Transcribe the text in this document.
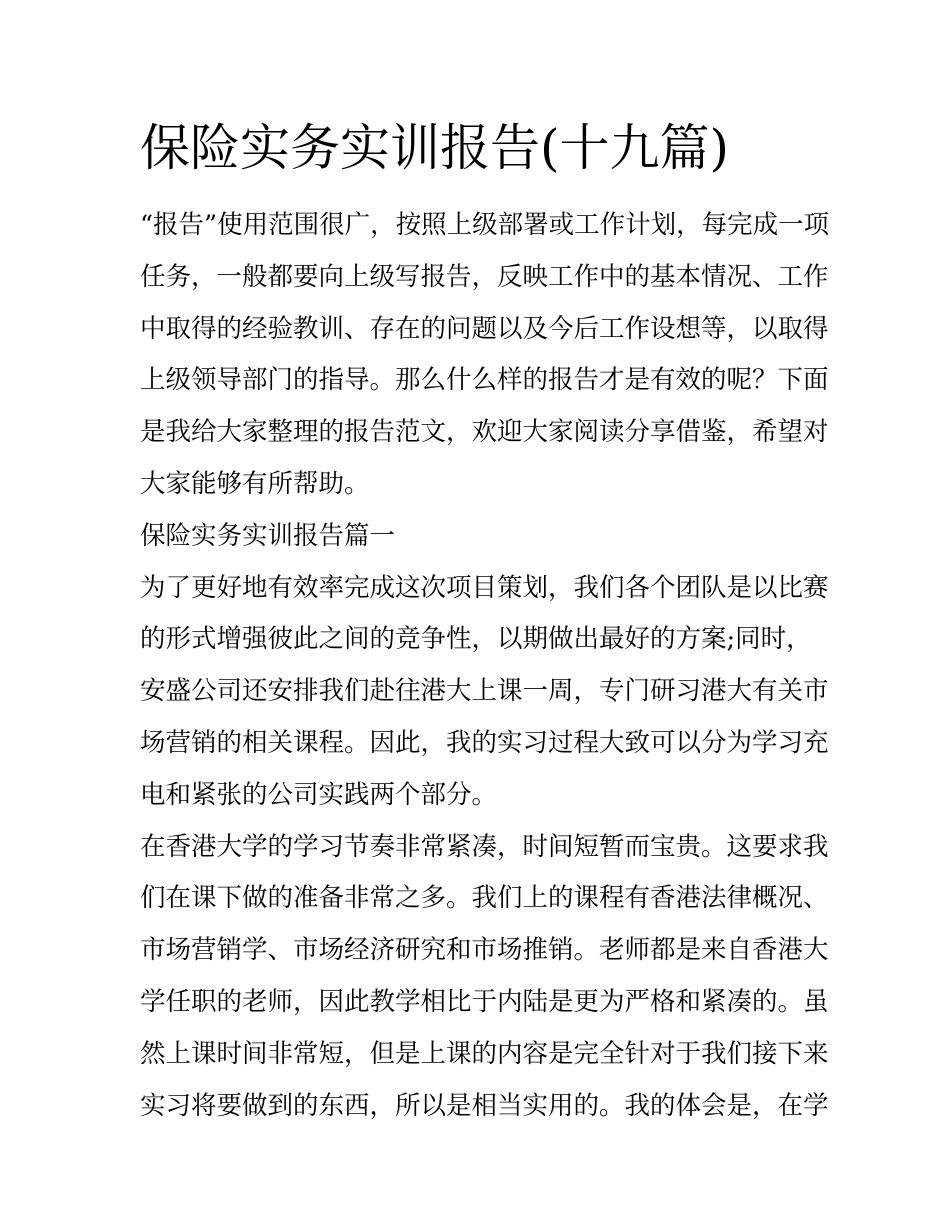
保险实务实训报告(十九篇)

“报告”使用范围很广，按照上级部署或工作计划，每完成一项

任务，一般都要向上级写报告，反映工作中的基本情况、工作

中取得的经验教训、存在的问题以及今后工作设想等，以取得

上级领导部门的指导。那么什么样的报告才是有效的呢？下面

是我给大家整理的报告范文，欢迎大家阅读分享借鉴，希望对

大家能够有所帮助。

保险实务实训报告篇一

为了更好地有效率完成这次项目策划，我们各个团队是以比赛

的形式增强彼此之间的竞争性，以期做出最好的方案;同时，

安盛公司还安排我们赴往港大上课一周，专门研习港大有关市

场营销的相关课程。因此，我的实习过程大致可以分为学习充

电和紧张的公司实践两个部分。

在香港大学的学习节奏非常紧凑，时间短暂而宝贵。这要求我

们在课下做的准备非常之多。我们上的课程有香港法律概况、

市场营销学、市场经济研究和市场推销。老师都是来自香港大

学任职的老师，因此教学相比于内陆是更为严格和紧凑的。虽

然上课时间非常短，但是上课的内容是完全针对于我们接下来

实习将要做到的东西，所以是相当实用的。我的体会是，在学
